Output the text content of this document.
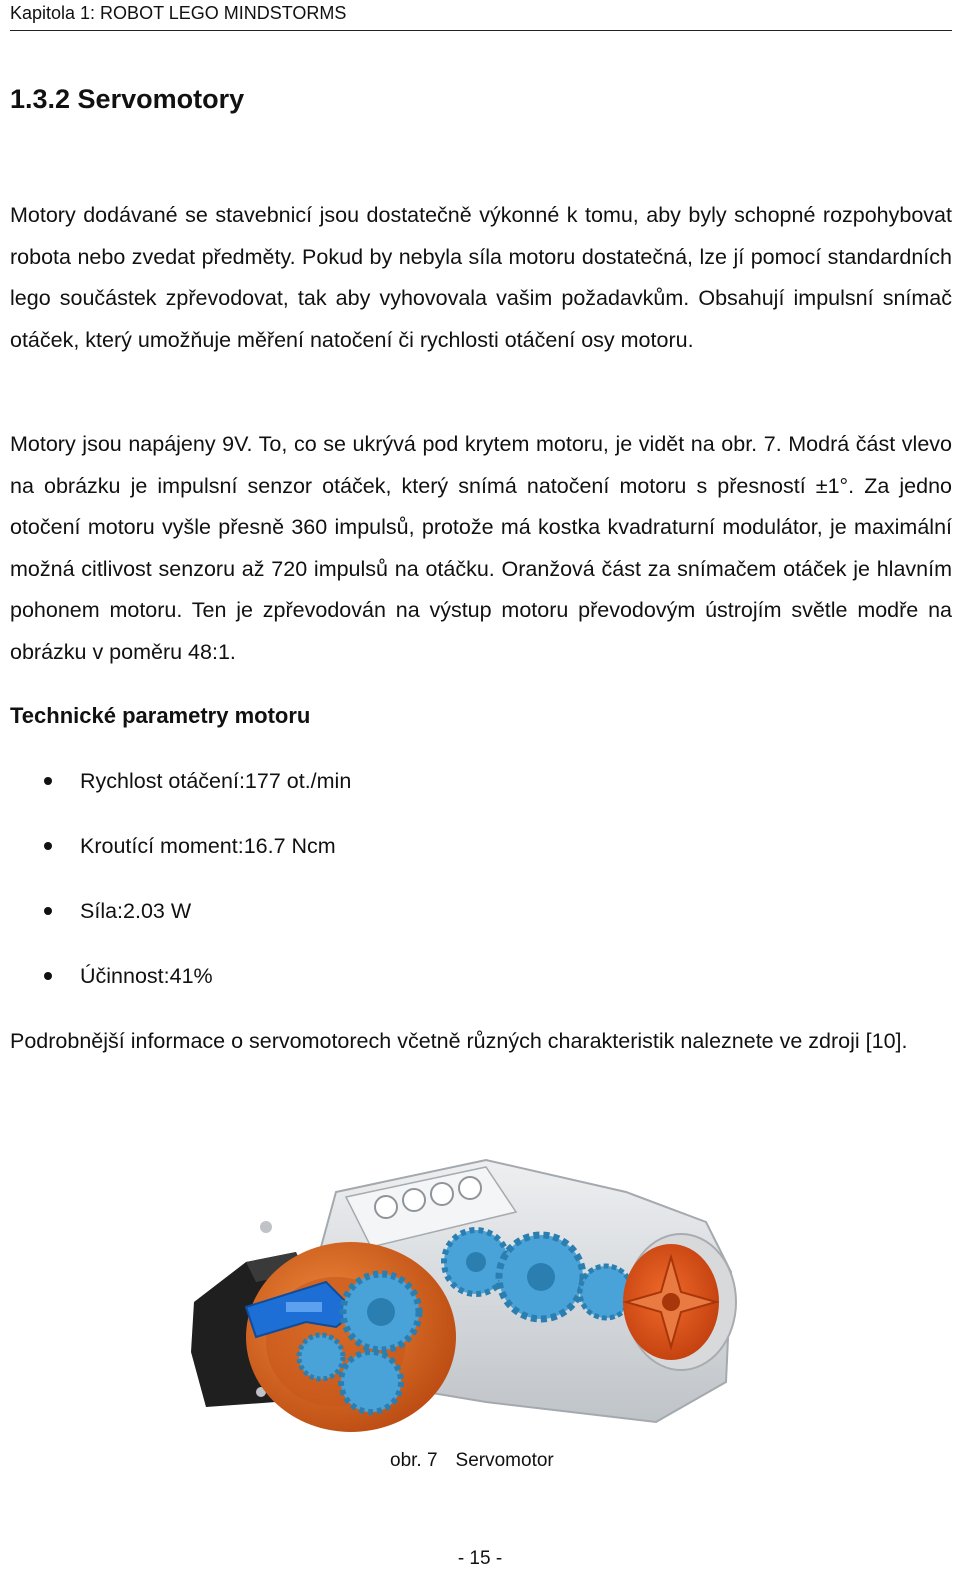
Kapitola 1: ROBOT LEGO MINDSTORMS
1.3.2 Servomotory

Motory dodávané se stavebnicí jsou dostatečně výkonné k tomu, aby byly schopné rozpohybovat robota nebo zvedat předměty. Pokud by nebyla síla motoru dostatečná, lze jí pomocí standardních lego součástek zpřevodovat, tak aby vyhovovala vašim požadavkům. Obsahují impulsní snímač otáček, který umožňuje měření natočení či rychlosti otáčení osy motoru.

Motory jsou napájeny 9V. To, co se ukrývá pod krytem motoru, je vidět na obr. 7. Modrá část vlevo na obrázku je impulsní senzor otáček, který snímá natočení motoru s přesností ±1°. Za jedno otočení motoru vyšle přesně 360 impulsů, protože má kostka kvadraturní modulátor, je maximální možná citlivost senzoru až 720 impulsů na otáčku. Oranžová část za snímačem otáček je hlavním pohonem motoru. Ten je zpřevodován na výstup motoru převodovým ústrojím světle modře na obrázku v poměru 48:1.

Technické parametry motoru
Rychlost otáčení:177 ot./min
Kroutící moment:16.7 Ncm
Síla:2.03 W
Účinnost:41%

Podrobnější informace o servomotorech včetně různých charakteristik naleznete ve zdroji [10].

obr. 7 Servomotor
- 15 -
